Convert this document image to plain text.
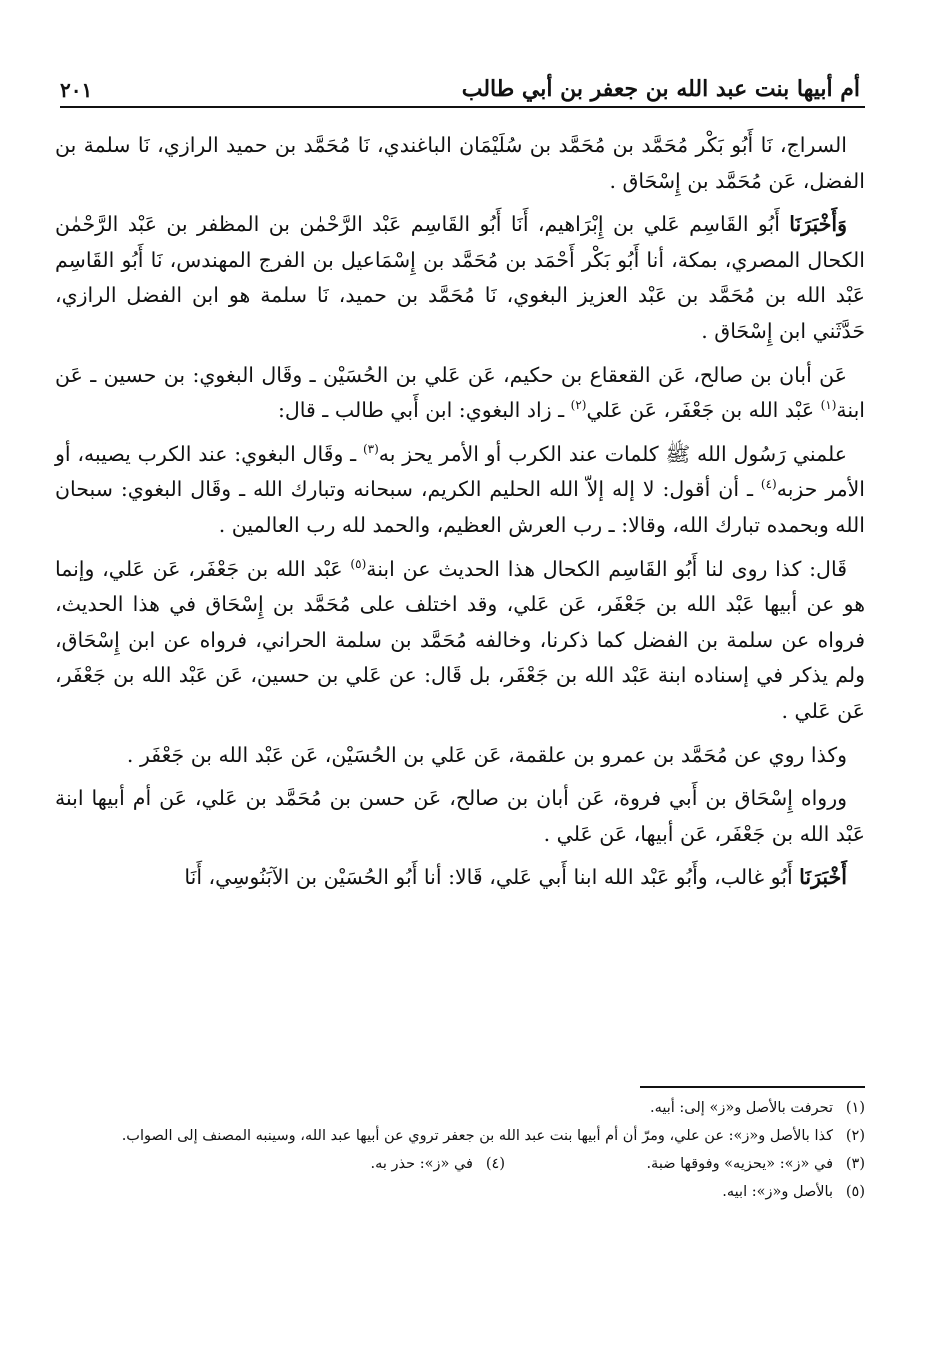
أم أبيها بنت عبد الله بن جعفر بن أبي طالب
٢٠١

السراج، نَا أَبُو بَكْر مُحَمَّد بن مُحَمَّد بن سُلَيْمَان الباغندي، نَا مُحَمَّد بن حميد الرازي، نَا سلمة بن الفضل، عَن مُحَمَّد بن إِسْحَاق .

وَأَخْبَرَنَا أَبُو القَاسِم عَلي بن إِبْرَاهيم، أَنَا أَبُو القَاسِم عَبْد الرَّحْمٰن بن المظفر بن عَبْد الرَّحْمٰن الكحال المصري، بمكة، أنا أَبُو بَكْر أَحْمَد بن مُحَمَّد بن إِسْمَاعيل بن الفرج المهندس، نَا أَبُو القَاسِم عَبْد الله بن مُحَمَّد بن عَبْد العزيز البغوي، نَا مُحَمَّد بن حميد، نَا سلمة هو ابن الفضل الرازي، حَدَّثَني ابن إِسْحَاق .

عَن أبان بن صالح، عَن القعقاع بن حكيم، عَن عَلي بن الحُسَيْن ـ وقَال البغوي: بن حسين ـ عَن ابنة$^{(١)}$ عَبْد الله بن جَعْفَر، عَن عَلي$^{(٢)}$ ـ زاد البغوي: ابن أَبي طالب ـ قال:

علمني رَسُول الله ﷺ كلمات عند الكرب أو الأمر يحز به$^{(٣)}$ ـ وقَال البغوي: عند الكرب يصيبه، أو الأمر حزبه$^{(٤)}$ ـ أن أقول: لا إله إلاّ الله الحليم الكريم، سبحانه وتبارك الله ـ وقَال البغوي: سبحان الله وبحمده تبارك الله، وقالا: ـ رب العرش العظيم، والحمد لله رب العالمين .

قَال: كذا روى لنا أَبُو القَاسِم الكحال هذا الحديث عن ابنة$^{(٥)}$ عَبْد الله بن جَعْفَر، عَن عَلي، وإنما هو عن أبيها عَبْد الله بن جَعْفَر، عَن عَلي، وقد اختلف على مُحَمَّد بن إِسْحَاق في هذا الحديث، فرواه عن سلمة بن الفضل كما ذكرنا، وخالفه مُحَمَّد بن سلمة الحراني، فرواه عن ابن إِسْحَاق، ولم يذكر في إسناده ابنة عَبْد الله بن جَعْفَر، بل قَال: عن عَلي بن حسين، عَن عَبْد الله بن جَعْفَر، عَن عَلي .

وكذا روي عن مُحَمَّد بن عمرو بن علقمة، عَن عَلي بن الحُسَيْن، عَن عَبْد الله بن جَعْفَر .

ورواه إِسْحَاق بن أَبي فروة، عَن أبان بن صالح، عَن حسن بن مُحَمَّد بن عَلي، عَن أم أبيها ابنة عَبْد الله بن جَعْفَر، عَن أبيها، عَن عَلي .

أَخْبَرَنَا أَبُو غالب، وأَبُو عَبْد الله ابنا أَبي عَلي، قَالا: أنا أَبُو الحُسَيْن بن الآبَنُوسِي، أَنَا

(١)
تحرفت بالأصل و«ز» إلى: أبيه.
(٢)
كذا بالأصل و«ز»: عن علي، ومرّ أن أم أبيها بنت عبد الله بن جعفر تروي عن أبيها عبد الله، وسينبه المصنف إلى الصواب.
(٣)
في «ز»: «يحزيه» وفوقها ضبة.
(٤)
في «ز»: حذر به.
(٥)
بالأصل و«ز»: ابيه.
